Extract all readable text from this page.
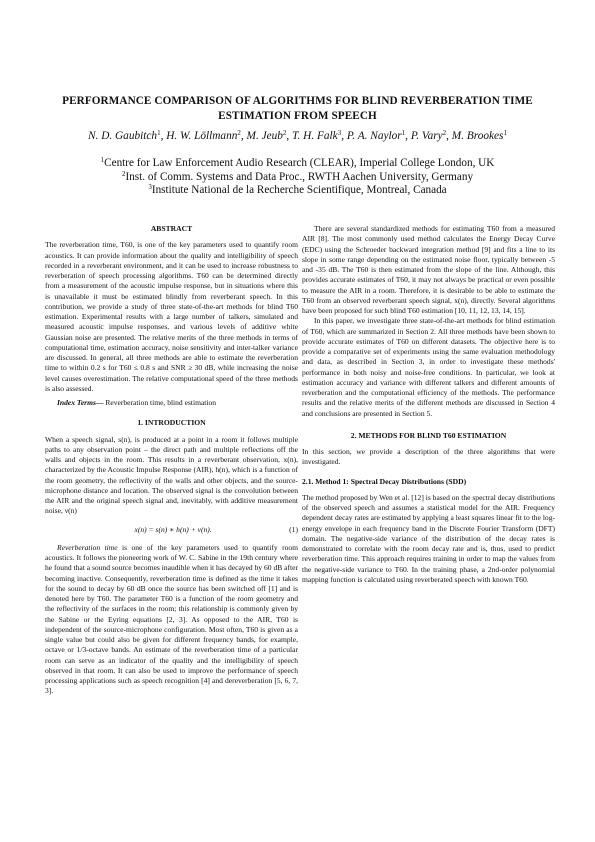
PERFORMANCE COMPARISON OF ALGORITHMS FOR BLIND REVERBERATION TIME
ESTIMATION FROM SPEECH
N. D. Gaubitch$^1$, H. W. Löllmann$^2$, M. Jeub$^2$, T. H. Falk$^3$, P. A. Naylor$^1$, P. Vary$^2$, M. Brookes$^1$
$^1$Centre for Law Enforcement Audio Research (CLEAR), Imperial College London, UK
$^2$Inst. of Comm. Systems and Data Proc., RWTH Aachen University, Germany
$^3$Institute National de la Recherche Scientifique, Montreal, Canada
ABSTRACT

The reverberation time, T60, is one of the key parameters used to quantify room acoustics. It can provide information about the quality and intelligibility of speech recorded in a reverberant environment, and it can be used to increase robustness to reverberation of speech processing algorithms. T60 can be determined directly from a measurement of the acoustic impulse response, but in situations where this is unavailable it must be estimated blindly from reverberant speech. In this contribution, we provide a study of three state-of-the-art methods for blind T60 estimation. Experimental results with a large number of talkers, simulated and measured acoustic impulse responses, and various levels of additive white Gaussian noise are presented. The relative merits of the three methods in terms of computational time, estimation accuracy, noise sensitivity and inter-talker variance are discussed. In general, all three methods are able to estimate the reverberation time to within 0.2 s for T60 ≤ 0.8 s and SNR ≥ 30 dB, while increasing the noise level causes overestimation. The relative computational speed of the three methods is also assessed.

Index Terms— Reverberation time, blind estimation

1. INTRODUCTION

When a speech signal, s(n), is produced at a point in a room it follows multiple paths to any observation point – the direct path and multiple reflections off the walls and objects in the room. This results in a reverberant observation, x(n), characterized by the Acoustic Impulse Response (AIR), h(n), which is a function of the room geometry, the reflectivity of the walls and other objects, and the source-microphone distance and location. The observed signal is the convolution between the AIR and the original speech signal and, inevitably, with additive measurement noise, ν(n)

x(n) = s(n) ∗ h(n) + ν(n).	(1)

Reverberation time is one of the key parameters used to quantify room acoustics. It follows the pioneering work of W. C. Sabine in the 19th century where he found that a sound source becomes inaudible when it has decayed by 60 dB after becoming inactive. Consequently, reverberation time is defined as the time it takes for the sound to decay by 60 dB once the source has been switched off [1] and is denoted here by T60. The parameter T60 is a function of the room geometry and the reflectivity of the surfaces in the room; this relationship is commonly given by the Sabine or the Eyring equations [2, 3]. As opposed to the AIR, T60 is independent of the source-microphone configuration. Most often, T60 is given as a single value but could also be given for different frequency bands, for example, octave or 1/3-octave bands. An estimate of the reverberation time of a particular room can serve as an indicator of the quality and the intelligibility of speech observed in that room. It can also be used to improve the performance of speech processing applications such as speech recognition [4] and dereverberation [5, 6, 7, 3].

There are several standardized methods for estimating T60 from a measured AIR [8]. The most commonly used method calculates the Energy Decay Curve (EDC) using the Schroeder backward integration method [9] and fits a line to its slope in some range depending on the estimated noise floor, typically between -5 and -35 dB. The T60 is then estimated from the slope of the line. Although, this provides accurate estimates of T60, it may not always be practical or even possible to measure the AIR in a room. Therefore, it is desirable to be able to estimate the T60 from an observed reverberant speech signal, x(n), directly. Several algorithms have been proposed for such blind T60 estimation [10, 11, 12, 13, 14, 15].

In this paper, we investigate three state-of-the-art methods for blind estimation of T60, which are summarized in Section 2. All three methods have been shown to provide accurate estimates of T60 on different datasets. The objective here is to provide a comparative set of experiments using the same evaluation methodology and data, as described in Section 3, in order to investigate these methods' performance in both noisy and noise-free conditions. In particular, we look at estimation accuracy and variance with different talkers and different amounts of reverberation and the computational efficiency of the methods. The performance results and the relative merits of the different methods are discussed in Section 4 and conclusions are presented in Section 5.

2. METHODS FOR BLIND T60 ESTIMATION

In this section, we provide a description of the three algorithms that were investigated.

2.1. Method 1: Spectral Decay Distributions (SDD)

The method proposed by Wen et al. [12] is based on the spectral decay distributions of the observed speech and assumes a statistical model for the AIR. Frequency dependent decay rates are estimated by applying a least squares linear fit to the log-energy envelope in each frequency band in the Discrete Fourier Transform (DFT) domain. The negative-side variance of the distribution of the decay rates is demonstrated to correlate with the room decay rate and is, thus, used to predict reverberation time. This approach requires training in order to map the values from the negative-side variance to T60. In the training phase, a 2nd-order polynomial mapping function is calculated using reverberated speech with known T60.
